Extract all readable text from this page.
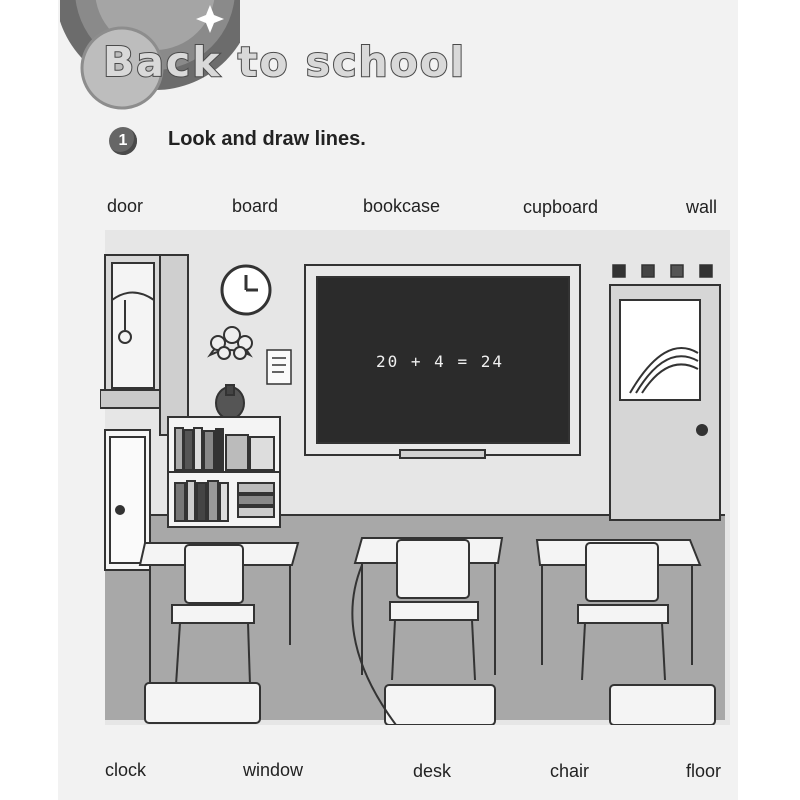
Back to school
1	Look and draw lines.
door	board	bookcase	cupboard	wall
20 + 4 = 24
clock	window	desk	chair	floor
